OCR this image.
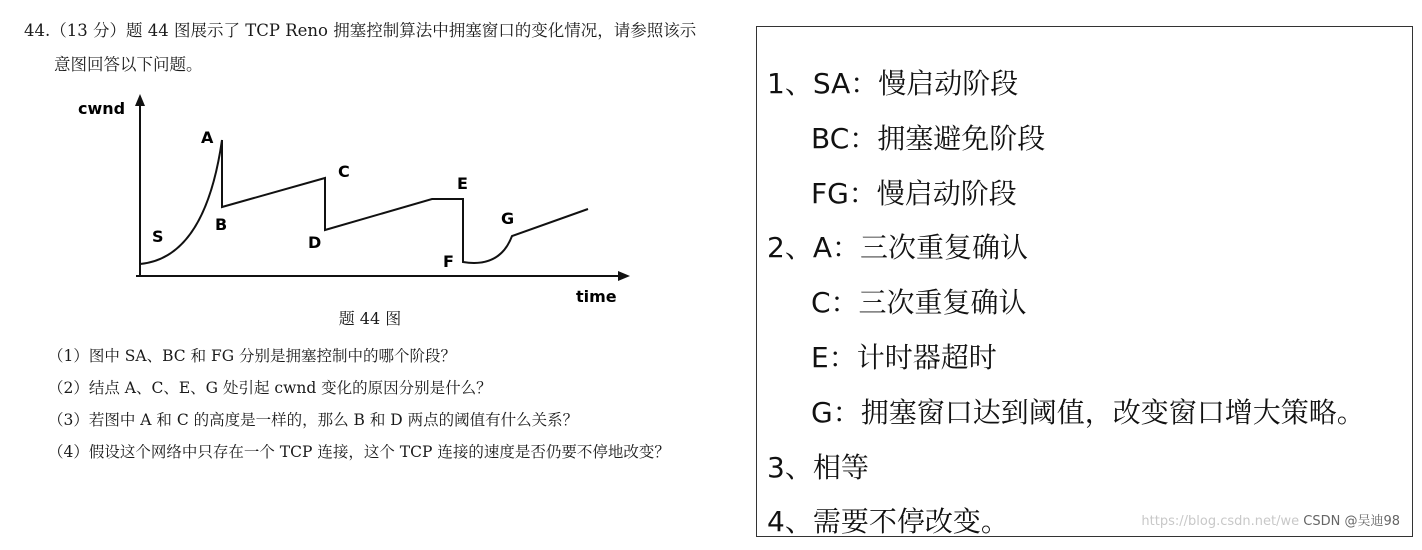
44.（13 分）题 44 图展示了 TCP Reno 拥塞控制算法中拥塞窗口的变化情况，请参照该示
意图回答以下问题。
cwnd
time
S
A
B
C
D
E
F
G
题 44 图
（1）图中 SA、BC 和 FG 分别是拥塞控制中的哪个阶段？
（2）结点 A、C、E、G 处引起 cwnd 变化的原因分别是什么？
（3）若图中 A 和 C 的高度是一样的，那么 B 和 D 两点的阈值有什么关系？
（4）假设这个网络中只存在一个 TCP 连接，这个 TCP 连接的速度是否仍要不停地改变？
1、SA：慢启动阶段
BC：拥塞避免阶段
FG：慢启动阶段
2、A：三次重复确认
C：三次重复确认
E：计时器超时
G：拥塞窗口达到阈值，改变窗口增大策略。
3、相等
4、需要不停改变。	https://blog.csdn.net/we CSDN @吴迪98
